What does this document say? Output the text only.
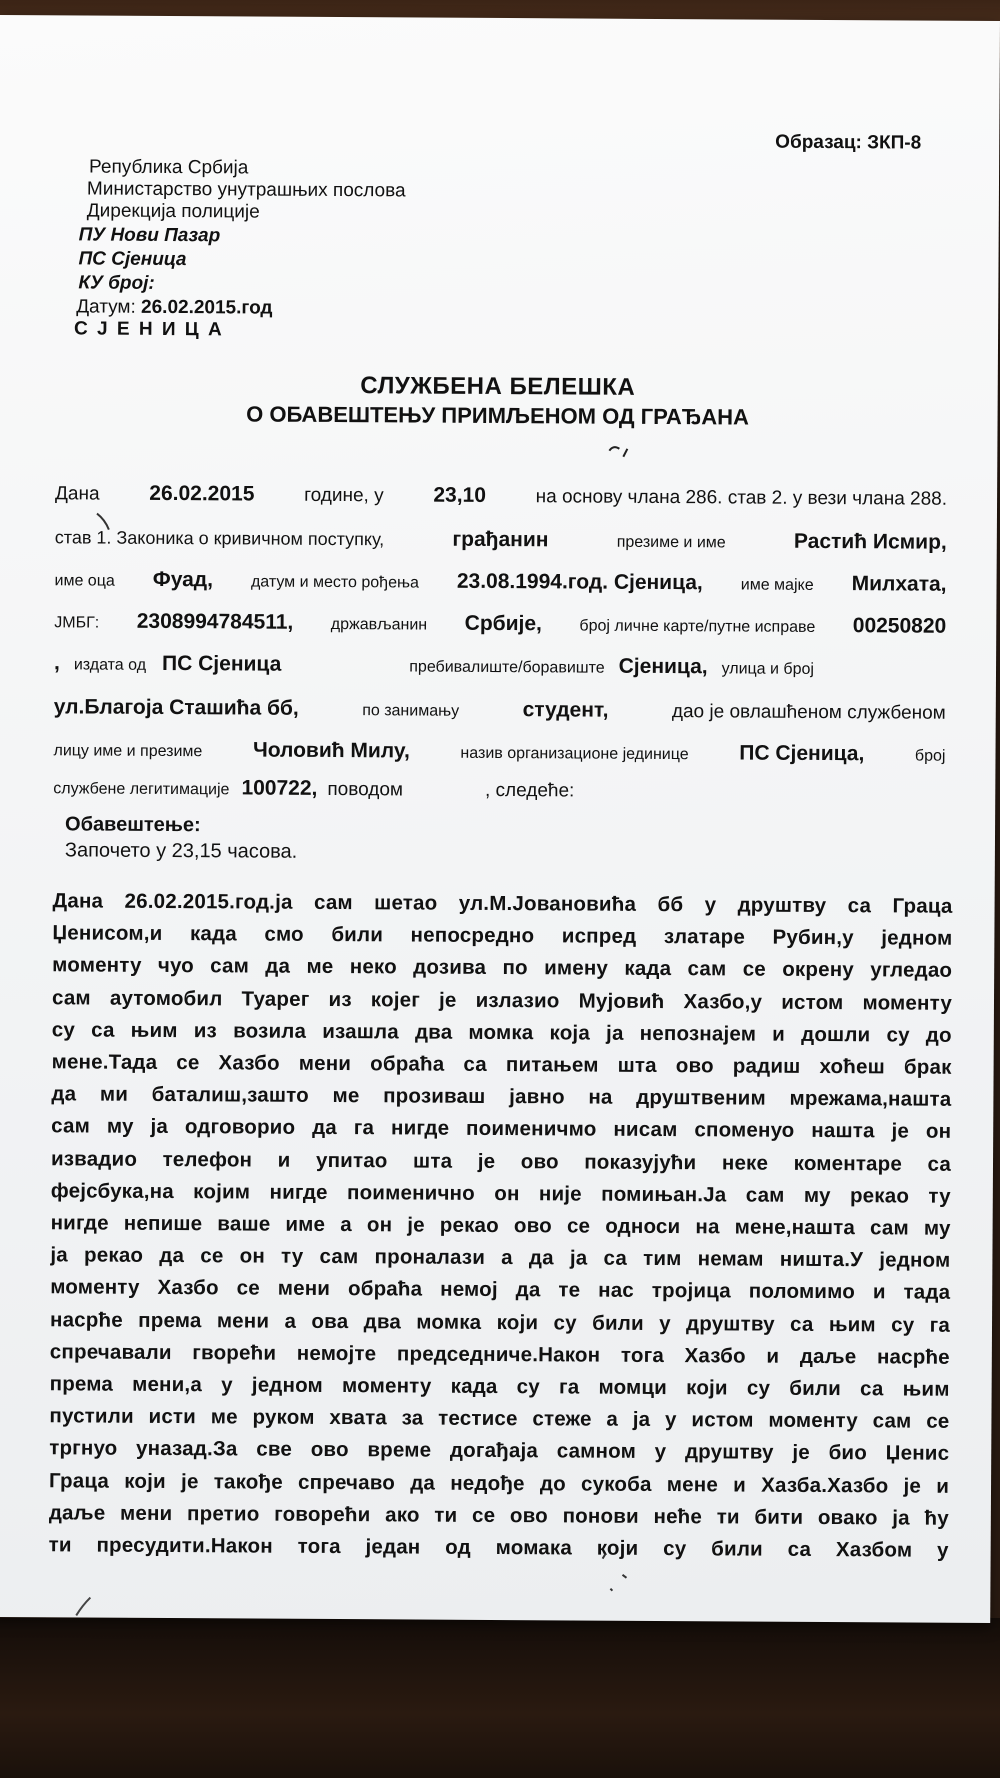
Образац: ЗКП-8
Република Србија
Министарство унутрашњих послова
Дирекција полиције
ПУ Нови Пазар
ПС Сјеница
КУ број:
Датум: 26.02.2015.год
С Ј Е Н И Ц А
СЛУЖБЕНА БЕЛЕШКА
О ОБАВЕШТЕЊУ ПРИМЉЕНОМ ОД ГРАЂАНА
Дана 26.02.2015	године, у 23,10	на основу члана 286. став 2. у вези члана 288.
став 1. Законика о кривичном поступку,	грађанин	презиме и име	Растић Исмир,
име оца Фуад, датум и место рођења 23.08.1994.год. Сјеница, име мајке Милхата,
ЈМБГ: 2308994784511, држављанин Србије, број личне карте/путне исправе 00250820
, издата од ПС Сјеница	пребивалиште/боравиште Сјеница, улица и број
ул.Благоја Сташића бб,	по занимању	студент,	дао је овлашћеном службеном
лицу име и презиме Чоловић Милу,	назив организационе јединице ПС Сјеница,	број
службене легитимације 100722, поводом	, следеће:
Обавештење:
Започето у 23,15 часова.
Дана 26.02.2015.год.ја сам шетао ул.М.Јовановића бб у друштву са Граца
Џенисом,и када смо били непосредно испред златаре Рубин,у једном
моменту чуо сам да ме неко дозива по имену када сам се окрену угледао
сам аутомобил Туарег из којег је излазио Мујовић Хазбо,у истом моменту
су са њим из возила изашла два момка која ја непознајем и дошли су до
мене.Тада се Хазбо мени обраћа са питањем шта ово радиш хоћеш брак
да ми баталиш,зашто ме прозиваш јавно на друштвеним мрежама,нашта
сам му ја одговорио да га нигде поименичмо нисам споменуо нашта је он
извадио телефон и упитао шта је ово показујући неке коментаре са
фејсбука,на којим нигде поименично он није помињан.Ја сам му рекао ту
нигде непише ваше име а он је рекао ово се односи на мене,нашта сам му
ја рекао да се он ту сам проналази а да ја са тим немам ништа.У једном
моменту Хазбо се мени обраћа немој да те нас тројица поломимо и тада
насрће према мени а ова два момка који су били у друштву са њим су га
спречавали гворећи немојте председниче.Након тога Хазбо и даље насрће
према мени,а у једном моменту када су га момци који су били са њим
пустили исти ме руком хвата за тестисе стеже а ја у истом моменту сам се
тргнуо уназад.За све ово време догађаја самном у друштву је био Џенис
Граца који је такође спречаво да недође до сукоба мене и Хазба.Хазбо је и
даље мени претио говорећи ако ти се ово понови неће ти бити овако ја ћу
ти пресудити.Након тога један од момака који су били са Хазбом у
